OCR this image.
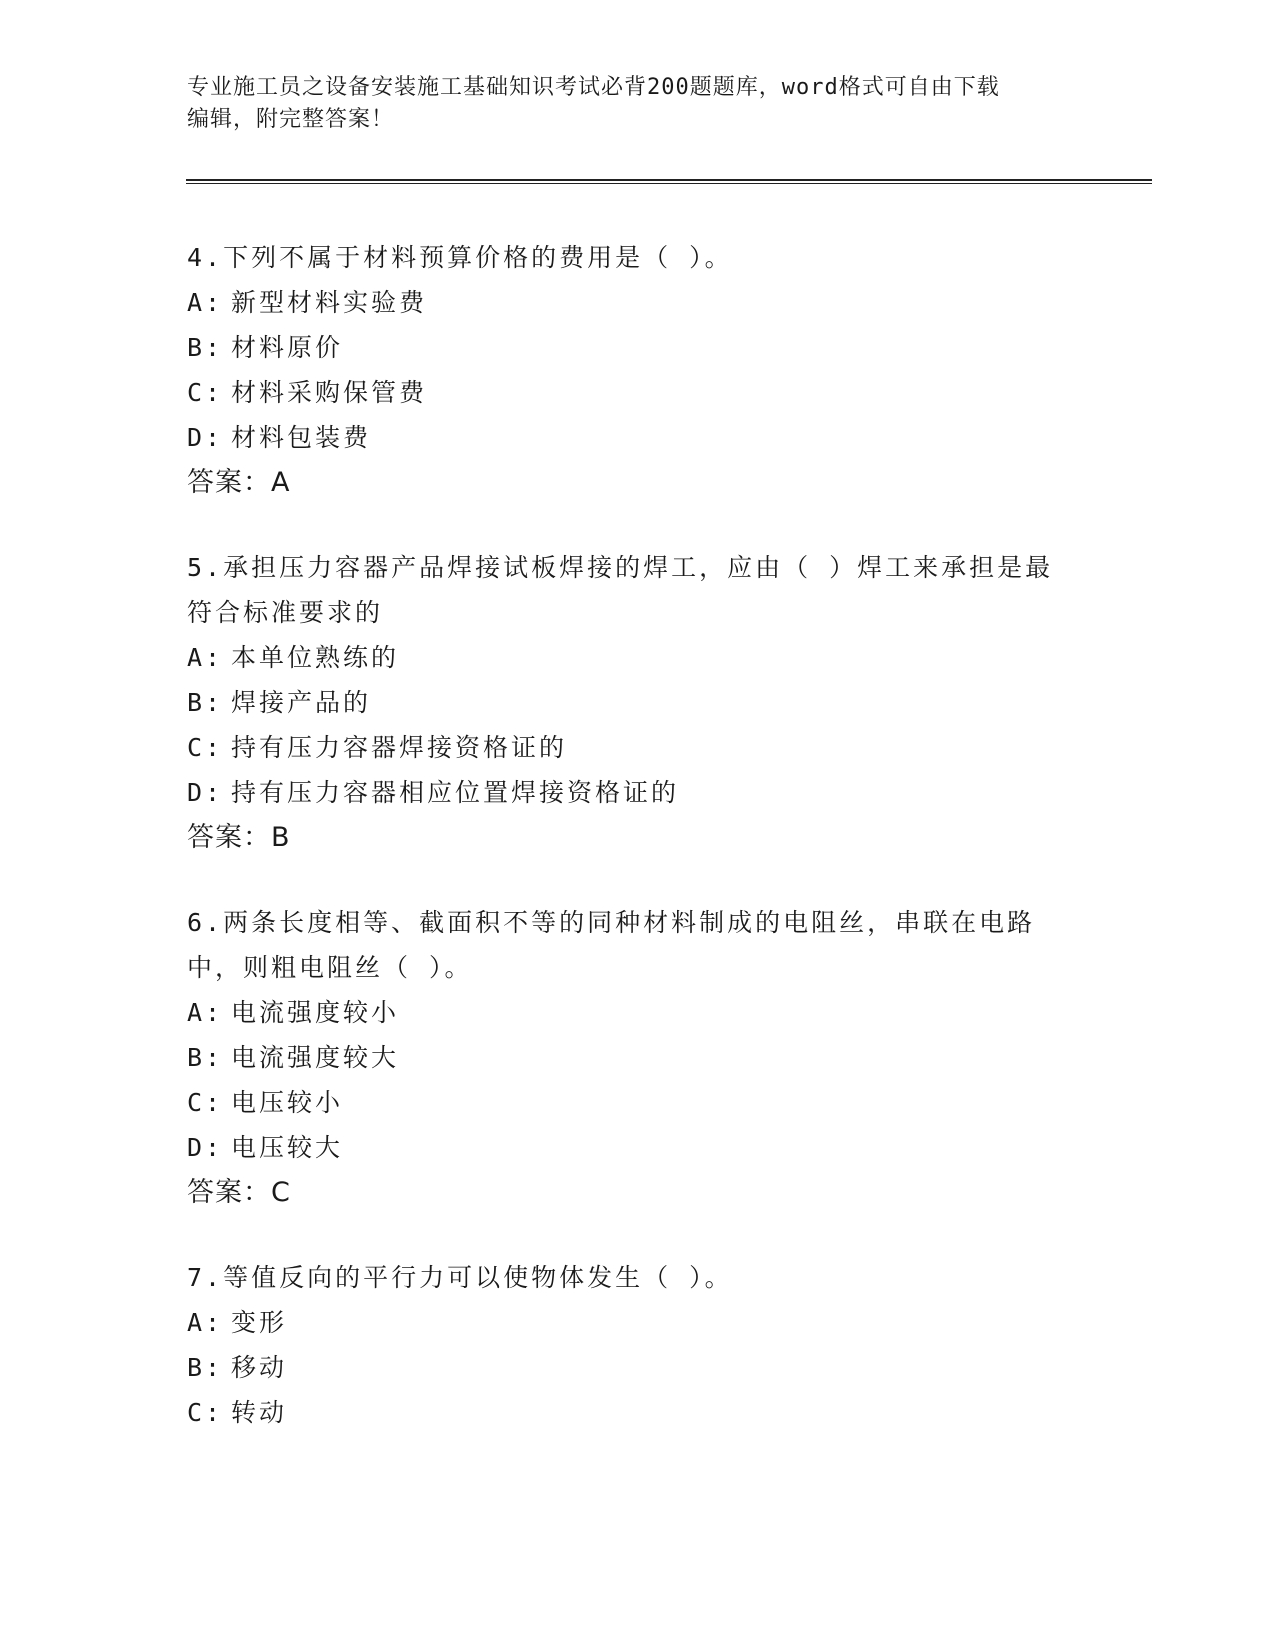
专业施工员之设备安装施工基础知识考试必背200题题库，word格式可自由下载
编辑，附完整答案！

4.下列不属于材料预算价格的费用是（ ）。

A: 新型材料实验费

B: 材料原价

C: 材料采购保管费

D: 材料包装费

答案：A

5.承担压力容器产品焊接试板焊接的焊工，应由（ ）焊工来承担是最

符合标准要求的

A: 本单位熟练的

B: 焊接产品的

C: 持有压力容器焊接资格证的

D: 持有压力容器相应位置焊接资格证的

答案：B

6.两条长度相等、截面积不等的同种材料制成的电阻丝，串联在电路

中，则粗电阻丝（ ）。

A: 电流强度较小

B: 电流强度较大

C: 电压较小

D: 电压较大

答案：C

7.等值反向的平行力可以使物体发生（ ）。

A: 变形

B: 移动

C: 转动
